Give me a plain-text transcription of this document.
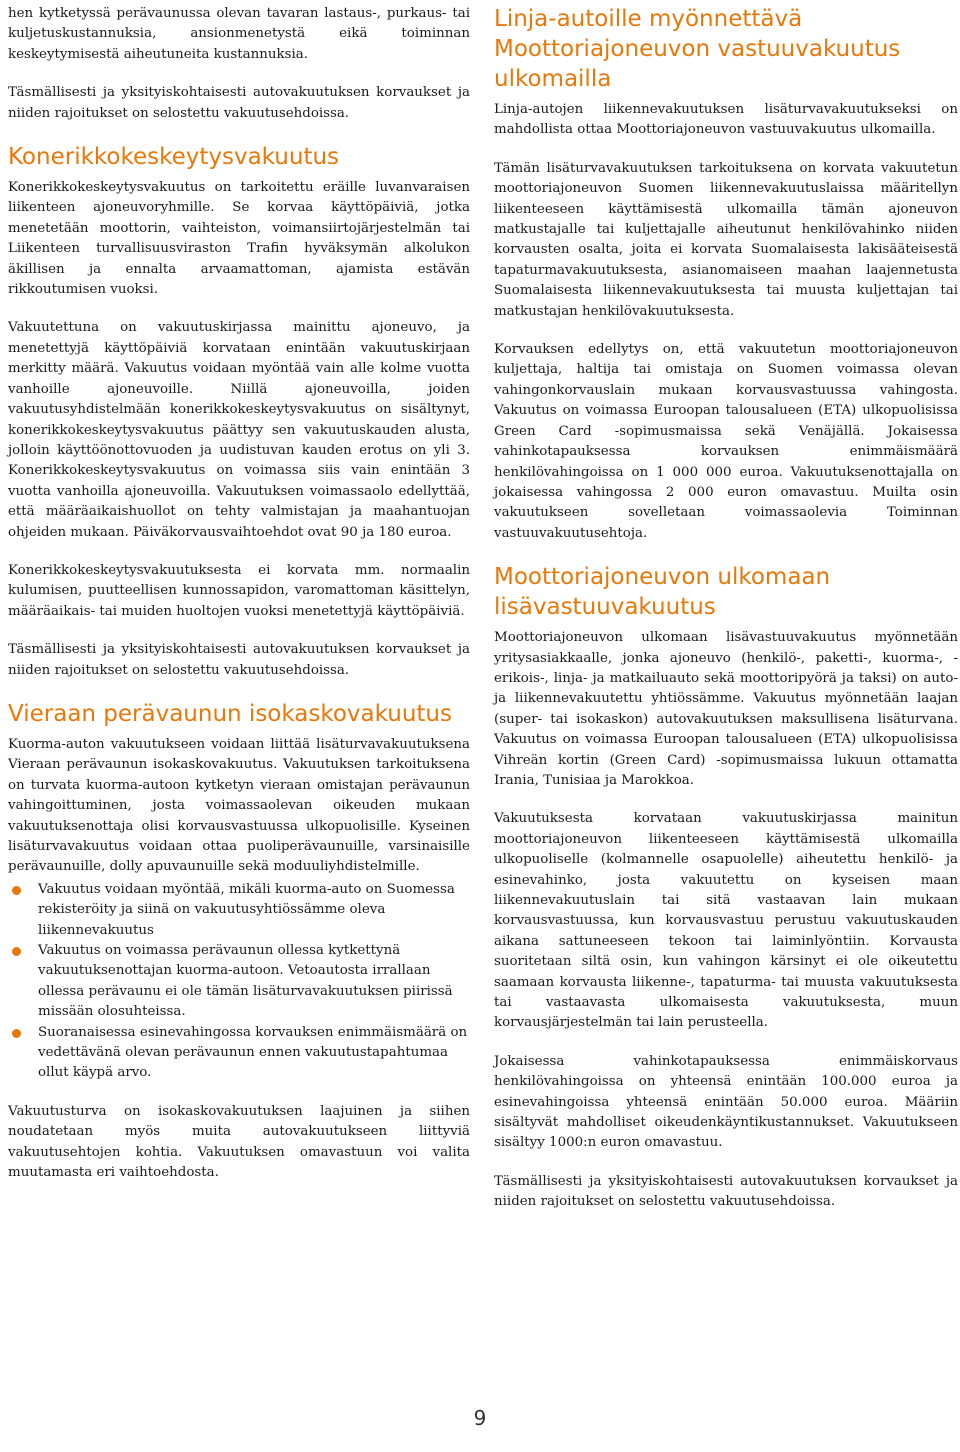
hen kytketyssä perävaunussa olevan tavaran lastaus-, purkaus- tai kuljetuskustannuksia, ansionmenetystä eikä toiminnan keskeytymisestä aiheutuneita kustannuksia.

Täsmällisesti ja yksityiskohtaisesti autovakuutuksen korvaukset ja niiden rajoitukset on selostettu vakuutusehdoissa.

Konerikkokeskeytysvakuutus

Konerikkokeskeytysvakuutus on tarkoitettu eräille luvanvaraisen liikenteen ajoneuvoryhmille. Se korvaa käyttöpäiviä, jotka menetetään moottorin, vaihteiston, voimansiirtojärjestelmän tai Liikenteen turvallisuusviraston Trafin hyväksymän alkolukon äkillisen ja ennalta arvaamattoman, ajamista estävän rikkoutumisen vuoksi.

Vakuutettuna on vakuutuskirjassa mainittu ajoneuvo, ja menetettyjä käyttöpäiviä korvataan enintään vakuutuskirjaan merkitty määrä. Vakuutus voidaan myöntää vain alle kolme vuotta vanhoille ajoneuvoille. Niillä ajoneuvoilla, joiden vakuutusyhdistelmään konerikkokeskeytysvakuutus on sisältynyt, konerikkokeskeytysvakuutus päättyy sen vakuutuskauden alusta, jolloin käyttöönottovuoden ja uudistuvan kauden erotus on yli 3. Konerikkokeskeytysvakuutus on voimassa siis vain enintään 3 vuotta vanhoilla ajoneuvoilla. Vakuutuksen voimassaolo edellyttää, että määräaikaishuollot on tehty valmistajan ja maahantuojan ohjeiden mukaan. Päiväkorvausvaihtoehdot ovat 90 ja 180 euroa.

Konerikkokeskeytysvakuutuksesta ei korvata mm. normaalin kulumisen, puutteellisen kunnossapidon, varomattoman käsittelyn, määräaikais- tai muiden huoltojen vuoksi menetettyjä käyttöpäiviä.

Täsmällisesti ja yksityiskohtaisesti autovakuutuksen korvaukset ja niiden rajoitukset on selostettu vakuutusehdoissa.

Vieraan perävaunun isokaskovakuutus

Kuorma-auton vakuutukseen voidaan liittää lisäturvavakuutuksena Vieraan perävaunun isokaskovakuutus. Vakuutuksen tarkoituksena on turvata kuorma-autoon kytketyn vieraan omistajan perävaunun vahingoittuminen, josta voimassaolevan oikeuden mukaan vakuutuksenottaja olisi korvausvastuussa ulkopuolisille. Kyseinen lisäturvavakuutus voidaan ottaa puoliperävaunuille, varsinaisille perävaunuille, dolly apuvaunuille sekä moduuliyhdistelmille.

Vakuutus voidaan myöntää, mikäli kuorma-auto on Suomessa rekisteröity ja siinä on vakuutusyhtiössämme oleva liikennevakuutus
Vakuutus on voimassa perävaunun ollessa kytkettynä vakuutuksenottajan kuorma-autoon. Vetoautosta irrallaan ollessa perävaunu ei ole tämän lisäturvavakuutuksen piirissä missään olosuhteissa.
Suoranaisessa esinevahingossa korvauksen enimmäismäärä on vedettävänä olevan perävaunun ennen vakuutustapahtumaa ollut käypä arvo.

Vakuutusturva on isokaskovakuutuksen laajuinen ja siihen noudatetaan myös muita autovakuutukseen liittyviä vakuutusehtojen kohtia. Vakuutuksen omavastuun voi valita muutamasta eri vaihtoehdosta.

Linja-autoille myönnettävä Moottoriajoneuvon vastuuvakuutus ulkomailla

Linja-autojen liikennevakuutuksen lisäturvavakuutukseksi on mahdollista ottaa Moottoriajoneuvon vastuuvakuutus ulkomailla.

Tämän lisäturvavakuutuksen tarkoituksena on korvata vakuutetun moottoriajoneuvon Suomen liikennevakuutuslaissa määritellyn liikenteeseen käyttämisestä ulkomailla tämän ajoneuvon matkustajalle tai kuljettajalle aiheutunut henkilövahinko niiden korvausten osalta, joita ei korvata Suomalaisesta lakisääteisestä tapaturmavakuutuksesta, asianomaiseen maahan laajennetusta Suomalaisesta liikennevakuutuksesta tai muusta kuljettajan tai matkustajan henkilövakuutuksesta.

Korvauksen edellytys on, että vakuutetun moottoriajoneuvon kuljettaja, haltija tai omistaja on Suomen voimassa olevan vahingonkorvauslain mukaan korvausvastuussa vahingosta. Vakuutus on voimassa Euroopan talousalueen (ETA) ulkopuolisissa Green Card -sopimusmaissa sekä Venäjällä. Jokaisessa vahinkotapauksessa korvauksen enimmäismäärä henkilövahingoissa on 1 000 000 euroa. Vakuutuksenottajalla on jokaisessa vahingossa 2 000 euron omavastuu. Muilta osin vakuutukseen sovelletaan voimassaolevia Toiminnan vastuuvakuutusehtoja.

Moottoriajoneuvon ulkomaan lisävastuuvakuutus

Moottoriajoneuvon ulkomaan lisävastuuvakuutus myönnetään yritysasiakkaalle, jonka ajoneuvo (henkilö-, paketti-, kuorma-, -erikois-, linja- ja matkailuauto sekä moottoripyörä ja taksi) on auto- ja liikennevakuutettu yhtiössämme. Vakuutus myönnetään laajan (super- tai isokaskon) autovakuutuksen maksullisena lisäturvana. Vakuutus on voimassa Euroopan talousalueen (ETA) ulkopuolisissa Vihreän kortin (Green Card) -sopimusmaissa lukuun ottamatta Irania, Tunisiaa ja Marokkoa.

Vakuutuksesta korvataan vakuutuskirjassa mainitun moottoriajoneuvon liikenteeseen käyttämisestä ulkomailla ulkopuoliselle (kolmannelle osapuolelle) aiheutettu henkilö- ja esinevahinko, josta vakuutettu on kyseisen maan liikennevakuutuslain tai sitä vastaavan lain mukaan korvausvastuussa, kun korvausvastuu perustuu vakuutuskauden aikana sattuneeseen tekoon tai laiminlyöntiin. Korvausta suoritetaan siltä osin, kun vahingon kärsinyt ei ole oikeutettu saamaan korvausta liikenne-, tapaturma- tai muusta vakuutuksesta tai vastaavasta ulkomaisesta vakuutuksesta, muun korvausjärjestelmän tai lain perusteella.

Jokaisessa vahinkotapauksessa enimmäiskorvaus henkilövahingoissa on yhteensä enintään 100.000 euroa ja esinevahingoissa yhteensä enintään 50.000 euroa. Määriin sisältyvät mahdolliset oikeudenkäyntikustannukset. Vakuutukseen sisältyy 1000:n euron omavastuu.

Täsmällisesti ja yksityiskohtaisesti autovakuutuksen korvaukset ja niiden rajoitukset on selostettu vakuutusehdoissa.

9
